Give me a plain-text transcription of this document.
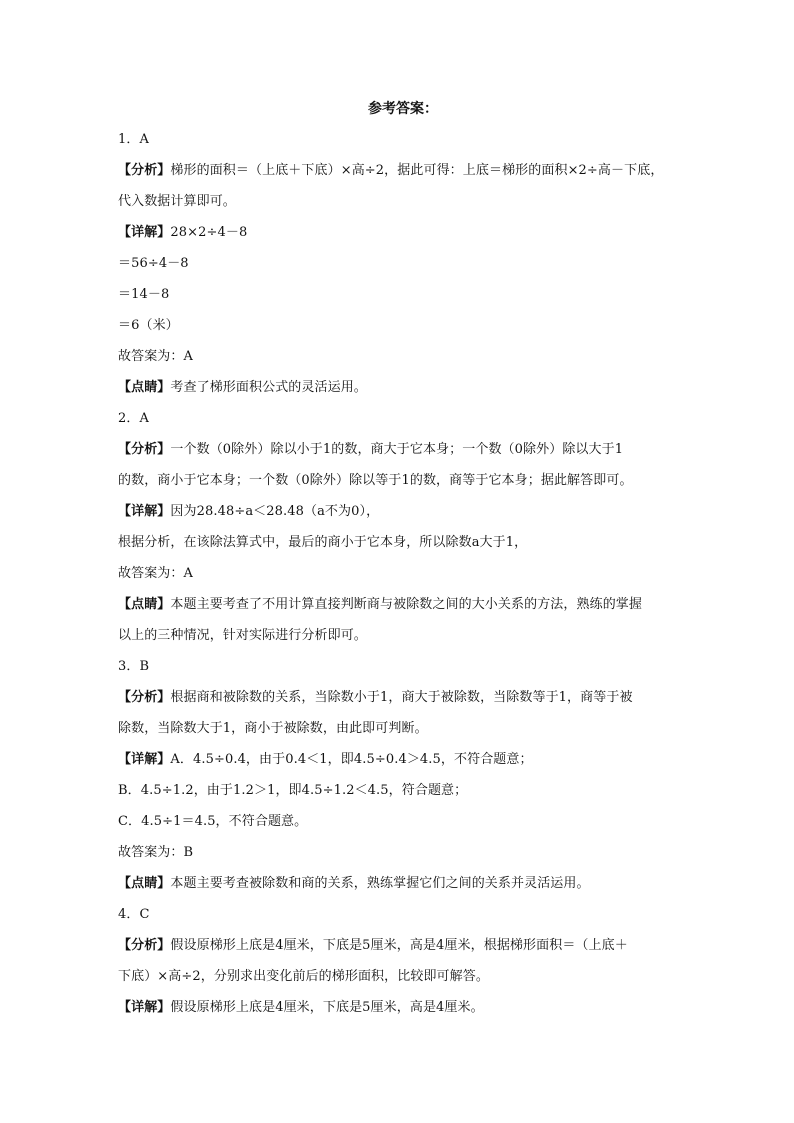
参考答案：
1．A
【分析】梯形的面积＝（上底＋下底）×高÷2，据此可得：上底＝梯形的面积×2÷高－下底，
代入数据计算即可。
【详解】28×2÷4－8
＝56÷4－8
＝14－8
＝6（米）
故答案为：A
【点睛】考查了梯形面积公式的灵活运用。
2．A
【分析】一个数（0除外）除以小于1的数，商大于它本身；一个数（0除外）除以大于1
的数，商小于它本身；一个数（0除外）除以等于1的数，商等于它本身；据此解答即可。
【详解】因为28.48÷a＜28.48（a不为0），
根据分析，在该除法算式中，最后的商小于它本身，所以除数a大于1，
故答案为：A
【点睛】本题主要考查了不用计算直接判断商与被除数之间的大小关系的方法，熟练的掌握
以上的三种情况，针对实际进行分析即可。
3．B
【分析】根据商和被除数的关系，当除数小于1，商大于被除数，当除数等于1，商等于被
除数，当除数大于1，商小于被除数，由此即可判断。
【详解】A．4.5÷0.4，由于0.4＜1，即4.5÷0.4＞4.5，不符合题意；
B．4.5÷1.2，由于1.2＞1，即4.5÷1.2＜4.5，符合题意；
C．4.5÷1＝4.5，不符合题意。
故答案为：B
【点睛】本题主要考查被除数和商的关系，熟练掌握它们之间的关系并灵活运用。
4．C
【分析】假设原梯形上底是4厘米，下底是5厘米，高是4厘米，根据梯形面积＝（上底＋
下底）×高÷2，分别求出变化前后的梯形面积，比较即可解答。
【详解】假设原梯形上底是4厘米，下底是5厘米，高是4厘米。
